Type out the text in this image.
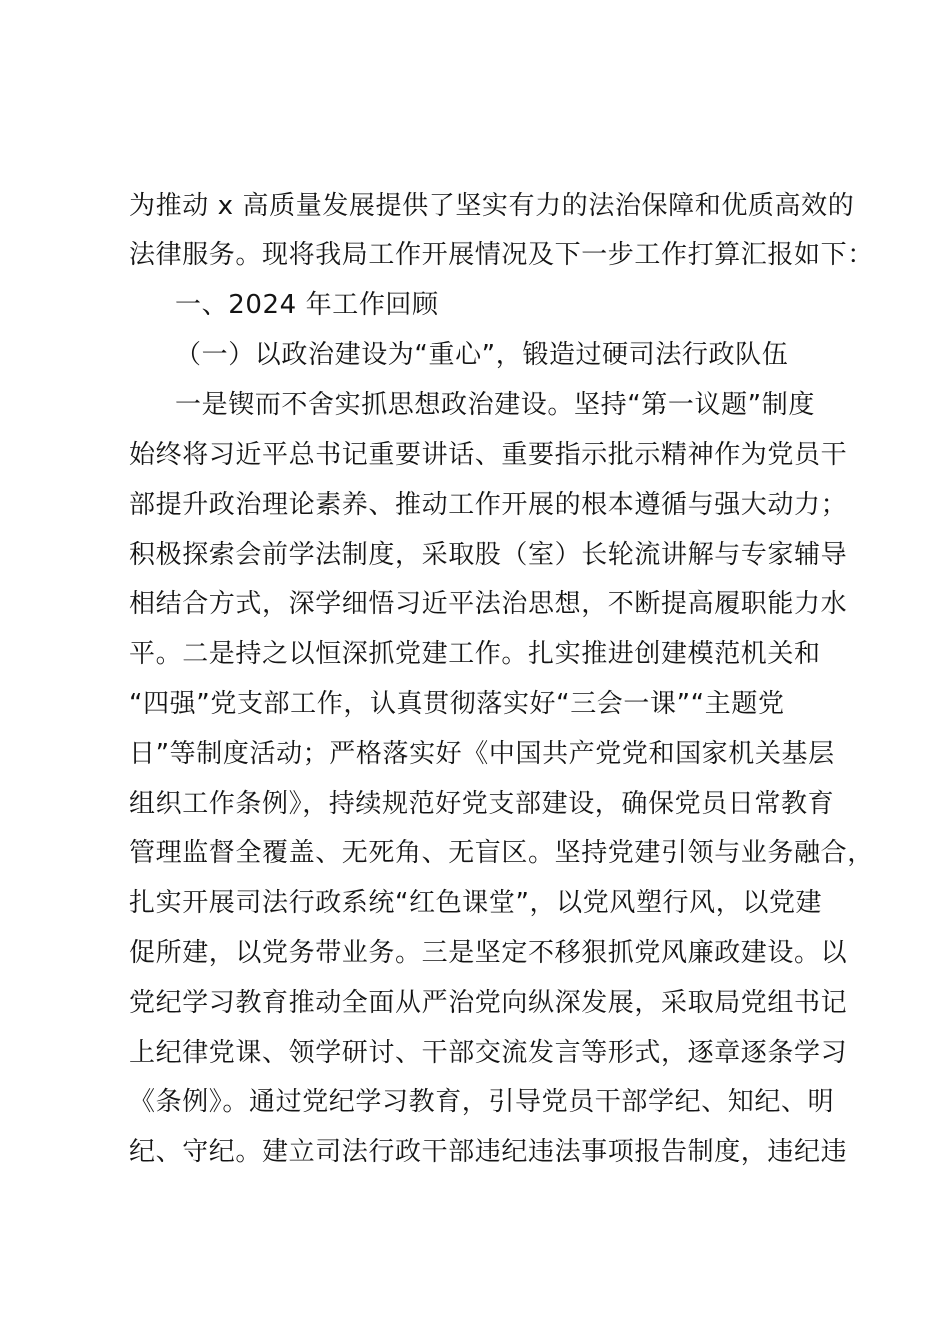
为推动 x 高质量发展提供了坚实有力的法治保障和优质高效的
法律服务。现将我局工作开展情况及下一步工作打算汇报如下：
一、2024 年工作回顾
（一）以政治建设为“重心”，锻造过硬司法行政队伍
一是锲而不舍实抓思想政治建设。坚持“第一议题”制度
始终将习近平总书记重要讲话、重要指示批示精神作为党员干
部提升政治理论素养、推动工作开展的根本遵循与强大动力；
积极探索会前学法制度，采取股（室）长轮流讲解与专家辅导
相结合方式，深学细悟习近平法治思想，不断提高履职能力水
平。二是持之以恒深抓党建工作。扎实推进创建模范机关和
“四强”党支部工作，认真贯彻落实好“三会一课”“主题党
日”等制度活动；严格落实好《中国共产党党和国家机关基层
组织工作条例》，持续规范好党支部建设，确保党员日常教育
管理监督全覆盖、无死角、无盲区。坚持党建引领与业务融合，
扎实开展司法行政系统“红色课堂”，以党风塑行风，以党建
促所建，以党务带业务。三是坚定不移狠抓党风廉政建设。以
党纪学习教育推动全面从严治党向纵深发展，采取局党组书记
上纪律党课、领学研讨、干部交流发言等形式，逐章逐条学习
《条例》。通过党纪学习教育，引导党员干部学纪、知纪、明
纪、守纪。建立司法行政干部违纪违法事项报告制度，违纪违
